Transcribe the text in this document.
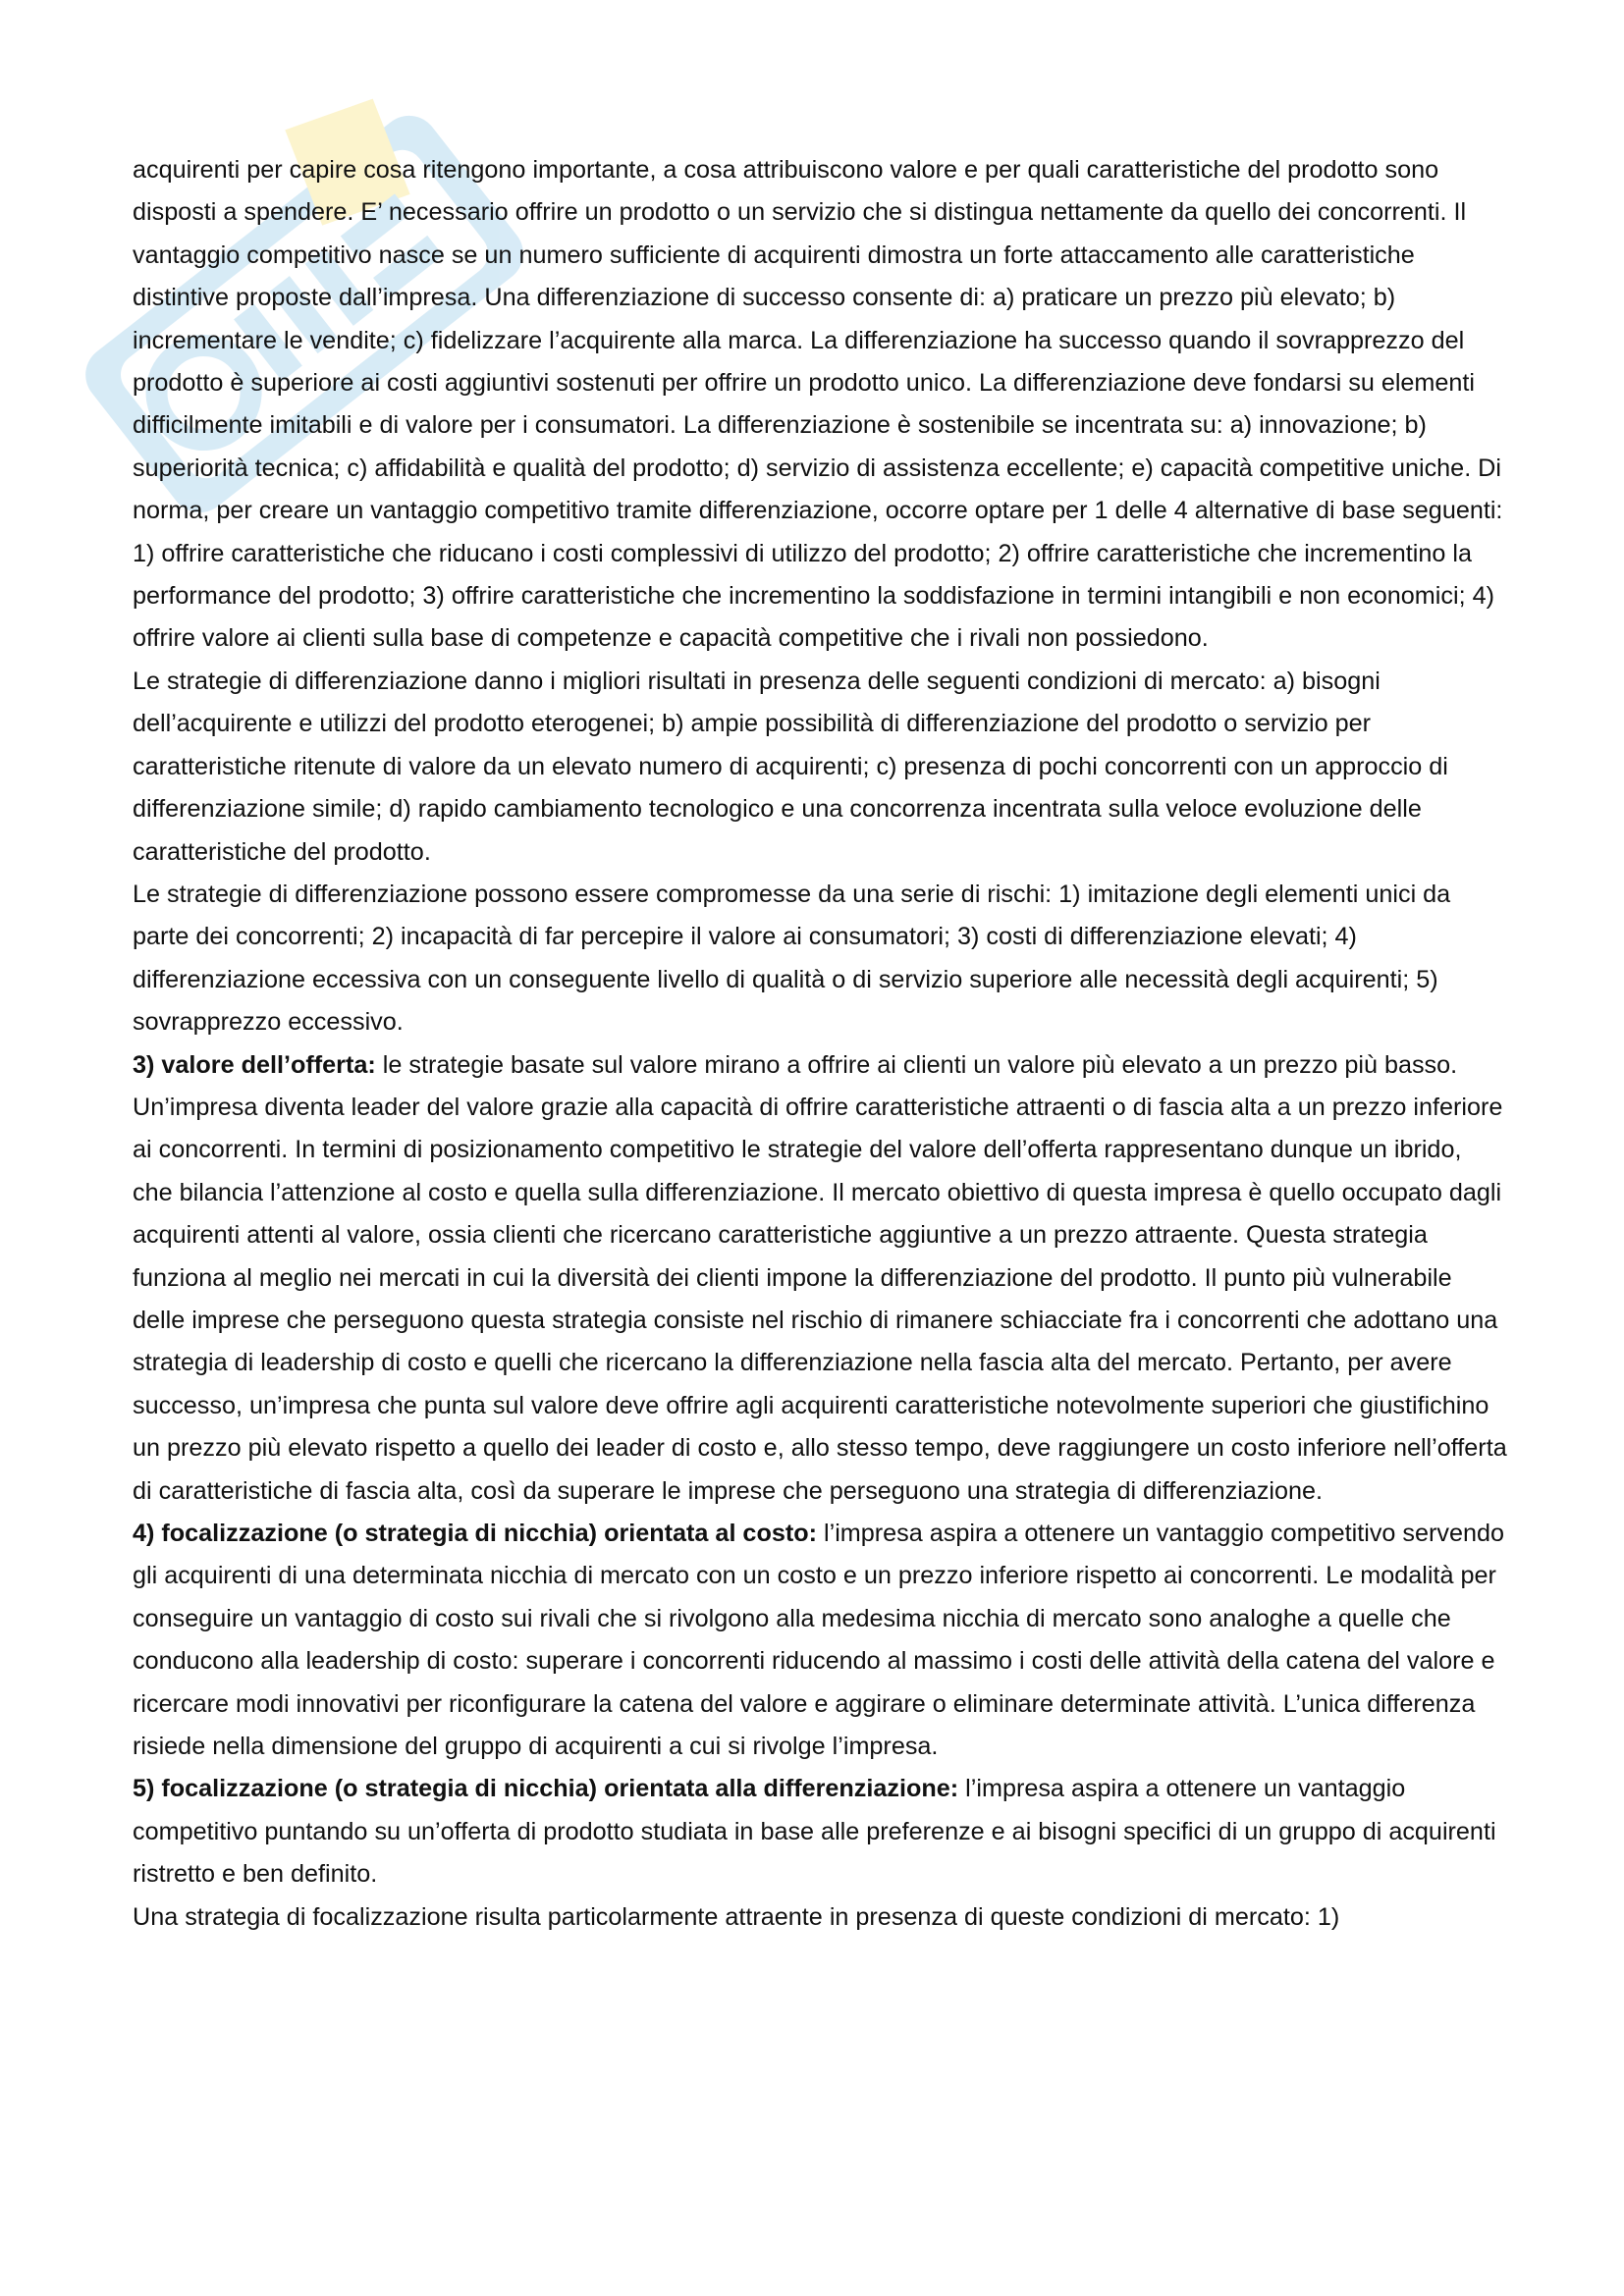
acquirenti per capire cosa ritengono importante, a cosa attribuiscono valore e per quali caratteristiche del prodotto sono disposti a spendere. E’ necessario offrire un prodotto o un servizio che si distingua nettamente da quello dei concorrenti. Il vantaggio competitivo nasce se un numero sufficiente di acquirenti dimostra un forte attaccamento alle caratteristiche distintive proposte dall’impresa. Una differenziazione di successo consente di: a) praticare un prezzo più elevato; b) incrementare le vendite; c) fidelizzare l’acquirente alla marca. La differenziazione ha successo quando il sovrapprezzo del prodotto è superiore ai costi aggiuntivi sostenuti per offrire un prodotto unico. La differenziazione deve fondarsi su elementi difficilmente imitabili e di valore per i consumatori. La differenziazione è sostenibile se incentrata su: a) innovazione; b) superiorità tecnica; c) affidabilità e qualità del prodotto; d) servizio di assistenza eccellente; e) capacità competitive uniche. Di norma, per creare un vantaggio competitivo tramite differenziazione, occorre optare per 1 delle 4 alternative di base seguenti: 1) offrire caratteristiche che riducano i costi complessivi di utilizzo del prodotto; 2) offrire caratteristiche che incrementino la performance del prodotto; 3) offrire caratteristiche che incrementino la soddisfazione in termini intangibili e non economici; 4) offrire valore ai clienti sulla base di competenze e capacità competitive che i rivali non possiedono.

Le strategie di differenziazione danno i migliori risultati in presenza delle seguenti condizioni di mercato: a) bisogni dell’acquirente e utilizzi del prodotto eterogenei; b) ampie possibilità di differenziazione del prodotto o servizio per caratteristiche ritenute di valore da un elevato numero di acquirenti; c) presenza di pochi concorrenti con un approccio di differenziazione simile; d) rapido cambiamento tecnologico e una concorrenza incentrata sulla veloce evoluzione delle caratteristiche del prodotto.

Le strategie di differenziazione possono essere compromesse da una serie di rischi: 1) imitazione degli elementi unici da parte dei concorrenti; 2) incapacità di far percepire il valore ai consumatori; 3) costi di differenziazione elevati; 4) differenziazione eccessiva con un conseguente livello di qualità o di servizio superiore alle necessità degli acquirenti; 5) sovrapprezzo eccessivo.

3) valore dell’offerta: le strategie basate sul valore mirano a offrire ai clienti un valore più elevato a un prezzo più basso. Un’impresa diventa leader del valore grazie alla capacità di offrire caratteristiche attraenti o di fascia alta a un prezzo inferiore ai concorrenti. In termini di posizionamento competitivo le strategie del valore dell’offerta rappresentano dunque un ibrido, che bilancia l’attenzione al costo e quella sulla differenziazione. Il mercato obiettivo di questa impresa è quello occupato dagli acquirenti attenti al valore, ossia clienti che ricercano caratteristiche aggiuntive a un prezzo attraente. Questa strategia funziona al meglio nei mercati in cui la diversità dei clienti impone la differenziazione del prodotto. Il punto più vulnerabile delle imprese che perseguono questa strategia consiste nel rischio di rimanere schiacciate fra i concorrenti che adottano una strategia di leadership di costo e quelli che ricercano la differenziazione nella fascia alta del mercato. Pertanto, per avere successo, un’impresa che punta sul valore deve offrire agli acquirenti caratteristiche notevolmente superiori che giustifichino un prezzo più elevato rispetto a quello dei leader di costo e, allo stesso tempo, deve raggiungere un costo inferiore nell’offerta di caratteristiche di fascia alta, così da superare le imprese che perseguono una strategia di differenziazione.

4) focalizzazione (o strategia di nicchia) orientata al costo: l’impresa aspira a ottenere un vantaggio competitivo servendo gli acquirenti di una determinata nicchia di mercato con un costo e un prezzo inferiore rispetto ai concorrenti. Le modalità per conseguire un vantaggio di costo sui rivali che si rivolgono alla medesima nicchia di mercato sono analoghe a quelle che conducono alla leadership di costo: superare i concorrenti riducendo al massimo i costi delle attività della catena del valore e ricercare modi innovativi per riconfigurare la catena del valore e aggirare o eliminare determinate attività. L’unica differenza risiede nella dimensione del gruppo di acquirenti a cui si rivolge l’impresa.

5) focalizzazione (o strategia di nicchia) orientata alla differenziazione: l’impresa aspira a ottenere un vantaggio competitivo puntando su un’offerta di prodotto studiata in base alle preferenze e ai bisogni specifici di un gruppo di acquirenti ristretto e ben definito.

Una strategia di focalizzazione risulta particolarmente attraente in presenza di queste condizioni di mercato: 1)
